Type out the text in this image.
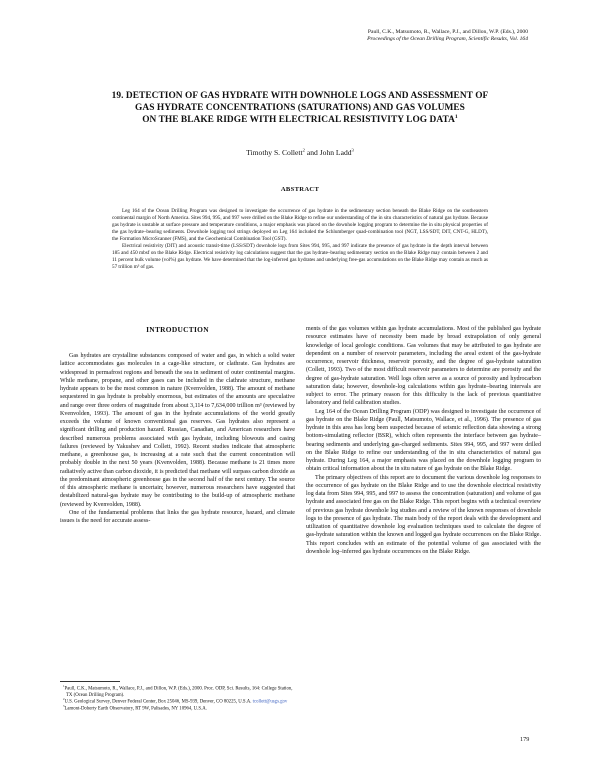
Paull, C.K., Matsumoto, R., Wallace, P.J., and Dillon, W.P. (Eds.), 2000
Proceedings of the Ocean Drilling Program, Scientific Results, Vol. 164
19. DETECTION OF GAS HYDRATE WITH DOWNHOLE LOGS AND ASSESSMENT OF
GAS HYDRATE CONCENTRATIONS (SATURATIONS) AND GAS VOLUMES
ON THE BLAKE RIDGE WITH ELECTRICAL RESISTIVITY LOG DATA$^1$
Timothy S. Collett$^2$ and John Ladd$^3$
ABSTRACT

Leg 164 of the Ocean Drilling Program was designed to investigate the occurrence of gas hydrate in the sedimentary section beneath the Blake Ridge on the southeastern continental margin of North America. Sites 994, 995, and 997 were drilled on the Blake Ridge to refine our understanding of the in situ characteristics of natural gas hydrate. Because gas hydrate is unstable at surface pressure and temperature conditions, a major emphasis was placed on the downhole logging program to determine the in situ physical properties of the gas hydrate–bearing sediments. Downhole logging tool strings deployed on Leg 164 included the Schlumberger quad-combination tool (NGT, LSS/SDT, DIT, CNT-G, HLDT), the Formation MicroScanner (FMS), and the Geochemical Combination Tool (GST).

Electrical resistivity (DIT) and acoustic transit-time (LSS/SDT) downhole logs from Sites 994, 995, and 997 indicate the presence of gas hydrate in the depth interval between 185 and 450 mbsf on the Blake Ridge. Electrical resistivity log calculations suggest that the gas hydrate–bearing sedimentary section on the Blake Ridge may contain between 2 and 11 percent bulk volume (vol%) gas hydrate. We have determined that the log-inferred gas hydrates and underlying free-gas accumulations on the Blake Ridge may contain as much as 57 trillion m³ of gas.

INTRODUCTION

Gas hydrates are crystalline substances composed of water and gas, in which a solid water lattice accommodates gas molecules in a cage-like structure, or clathrate. Gas hydrates are widespread in permafrost regions and beneath the sea in sediment of outer continental margins. While methane, propane, and other gases can be included in the clathrate structure, methane hydrate appears to be the most common in nature (Kvenvolden, 1988). The amount of methane sequestered in gas hydrate is probably enormous, but estimates of the amounts are speculative and range over three orders of magnitude from about 3,114 to 7,634,000 trillion m³ (reviewed by Kvenvolden, 1993). The amount of gas in the hydrate accumulations of the world greatly exceeds the volume of known conventional gas reserves. Gas hydrates also represent a significant drilling and production hazard. Russian, Canadian, and American researchers have described numerous problems associated with gas hydrate, including blowouts and casing failures (reviewed by Yakushev and Collett, 1992). Recent studies indicate that atmospheric methane, a greenhouse gas, is increasing at a rate such that the current concentration will probably double in the next 50 years (Kvenvolden, 1988). Because methane is 21 times more radiatively active than carbon dioxide, it is predicted that methane will surpass carbon dioxide as the predominant atmospheric greenhouse gas in the second half of the next century. The source of this atmospheric methane is uncertain; however, numerous researchers have suggested that destabilized natural-gas hydrate may be contributing to the build-up of atmospheric methane (reviewed by Kvenvolden, 1988).

One of the fundamental problems that links the gas hydrate resource, hazard, and climate issues is the need for accurate assess-

ments of the gas volumes within gas hydrate accumulations. Most of the published gas hydrate resource estimates have of necessity been made by broad extrapolation of only general knowledge of local geologic conditions. Gas volumes that may be attributed to gas hydrate are dependent on a number of reservoir parameters, including the areal extent of the gas-hydrate occurrence, reservoir thickness, reservoir porosity, and the degree of gas-hydrate saturation (Collett, 1993). Two of the most difficult reservoir parameters to determine are porosity and the degree of gas-hydrate saturation. Well logs often serve as a source of porosity and hydrocarbon saturation data; however, downhole-log calculations within gas hydrate–bearing intervals are subject to error. The primary reason for this difficulty is the lack of previous quantitative laboratory and field calibration studies.

Leg 164 of the Ocean Drilling Program (ODP) was designed to investigate the occurrence of gas hydrate on the Blake Ridge (Paull, Matsumoto, Wallace, et al., 1996). The presence of gas hydrate in this area has long been suspected because of seismic reflection data showing a strong bottom-simulating reflector (BSR), which often represents the interface between gas hydrate–bearing sediments and underlying gas-charged sediments. Sites 994, 995, and 997 were drilled on the Blake Ridge to refine our understanding of the in situ characteristics of natural gas hydrate. During Leg 164, a major emphasis was placed on the downhole logging program to obtain critical information about the in situ nature of gas hydrate on the Blake Ridge.

The primary objectives of this report are to document the various downhole log responses to the occurrence of gas hydrate on the Blake Ridge and to use the downhole electrical resistivity log data from Sites 994, 995, and 997 to assess the concentration (saturation) and volume of gas hydrate and associated free gas on the Blake Ridge. This report begins with a technical overview of previous gas hydrate downhole log studies and a review of the known responses of downhole logs to the presence of gas hydrate. The main body of the report deals with the development and utilization of quantitative downhole log evaluation techniques used to calculate the degree of gas-hydrate saturation within the known and logged gas hydrate occurrences on the Blake Ridge. This report concludes with an estimate of the potential volume of gas associated with the downhole log–inferred gas hydrate occurrences on the Blake Ridge.

$^1$Paull, C.K., Matsumoto, R., Wallace, P.J., and Dillon, W.P. (Eds.), 2000. Proc. ODP, Sci. Results, 164: College Station, TX (Ocean Drilling Program).

$^2$U.S. Geological Survey, Denver Federal Center, Box 25046, MS-939, Denver, CO 80225, U.S.A. tcollett@usgs.gov

$^3$Lamont-Doherty Earth Observatory, RT 9W, Palisades, NY 10964, U.S.A.

179
